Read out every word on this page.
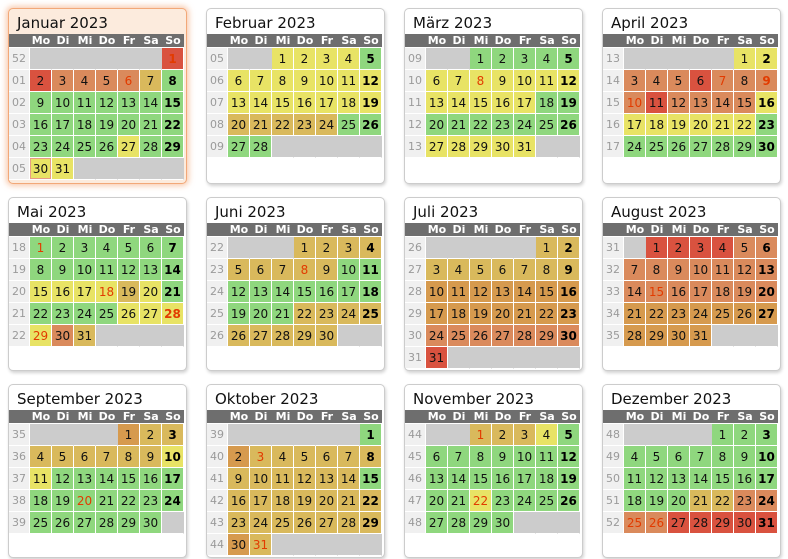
Januar 2023
	Mo	Di	Mi	Do	Fr	Sa	So
52							1
01	2	3	4	5	6	7	8
02	9	10	11	12	13	14	15
03	16	17	18	19	20	21	22
04	23	24	25	26	27	28	29
05	30	31					
Februar 2023
	Mo	Di	Mi	Do	Fr	Sa	So
05			1	2	3	4	5
06	6	7	8	9	10	11	12
07	13	14	15	16	17	18	19
08	20	21	22	23	24	25	26
09	27	28					
März 2023
	Mo	Di	Mi	Do	Fr	Sa	So
09			1	2	3	4	5
10	6	7	8	9	10	11	12
11	13	14	15	16	17	18	19
12	20	21	22	23	24	25	26
13	27	28	29	30	31		
April 2023
	Mo	Di	Mi	Do	Fr	Sa	So
13						1	2
14	3	4	5	6	7	8	9
15	10	11	12	13	14	15	16
16	17	18	19	20	21	22	23
17	24	25	26	27	28	29	30
Mai 2023
	Mo	Di	Mi	Do	Fr	Sa	So
18	1	2	3	4	5	6	7
19	8	9	10	11	12	13	14
20	15	16	17	18	19	20	21
21	22	23	24	25	26	27	28
22	29	30	31				
Juni 2023
	Mo	Di	Mi	Do	Fr	Sa	So
22				1	2	3	4
23	5	6	7	8	9	10	11
24	12	13	14	15	16	17	18
25	19	20	21	22	23	24	25
26	26	27	28	29	30		
Juli 2023
	Mo	Di	Mi	Do	Fr	Sa	So
26						1	2
27	3	4	5	6	7	8	9
28	10	11	12	13	14	15	16
29	17	18	19	20	21	22	23
30	24	25	26	27	28	29	30
31	31						
August 2023
	Mo	Di	Mi	Do	Fr	Sa	So
31		1	2	3	4	5	6
32	7	8	9	10	11	12	13
33	14	15	16	17	18	19	20
34	21	22	23	24	25	26	27
35	28	29	30	31			
September 2023
	Mo	Di	Mi	Do	Fr	Sa	So
35					1	2	3
36	4	5	6	7	8	9	10
37	11	12	13	14	15	16	17
38	18	19	20	21	22	23	24
39	25	26	27	28	29	30	
Oktober 2023
	Mo	Di	Mi	Do	Fr	Sa	So
39							1
40	2	3	4	5	6	7	8
41	9	10	11	12	13	14	15
42	16	17	18	19	20	21	22
43	23	24	25	26	27	28	29
44	30	31					
November 2023
	Mo	Di	Mi	Do	Fr	Sa	So
44			1	2	3	4	5
45	6	7	8	9	10	11	12
46	13	14	15	16	17	18	19
47	20	21	22	23	24	25	26
48	27	28	29	30			
Dezember 2023
	Mo	Di	Mi	Do	Fr	Sa	So
48					1	2	3
49	4	5	6	7	8	9	10
50	11	12	13	14	15	16	17
51	18	19	20	21	22	23	24
52	25	26	27	28	29	30	31
